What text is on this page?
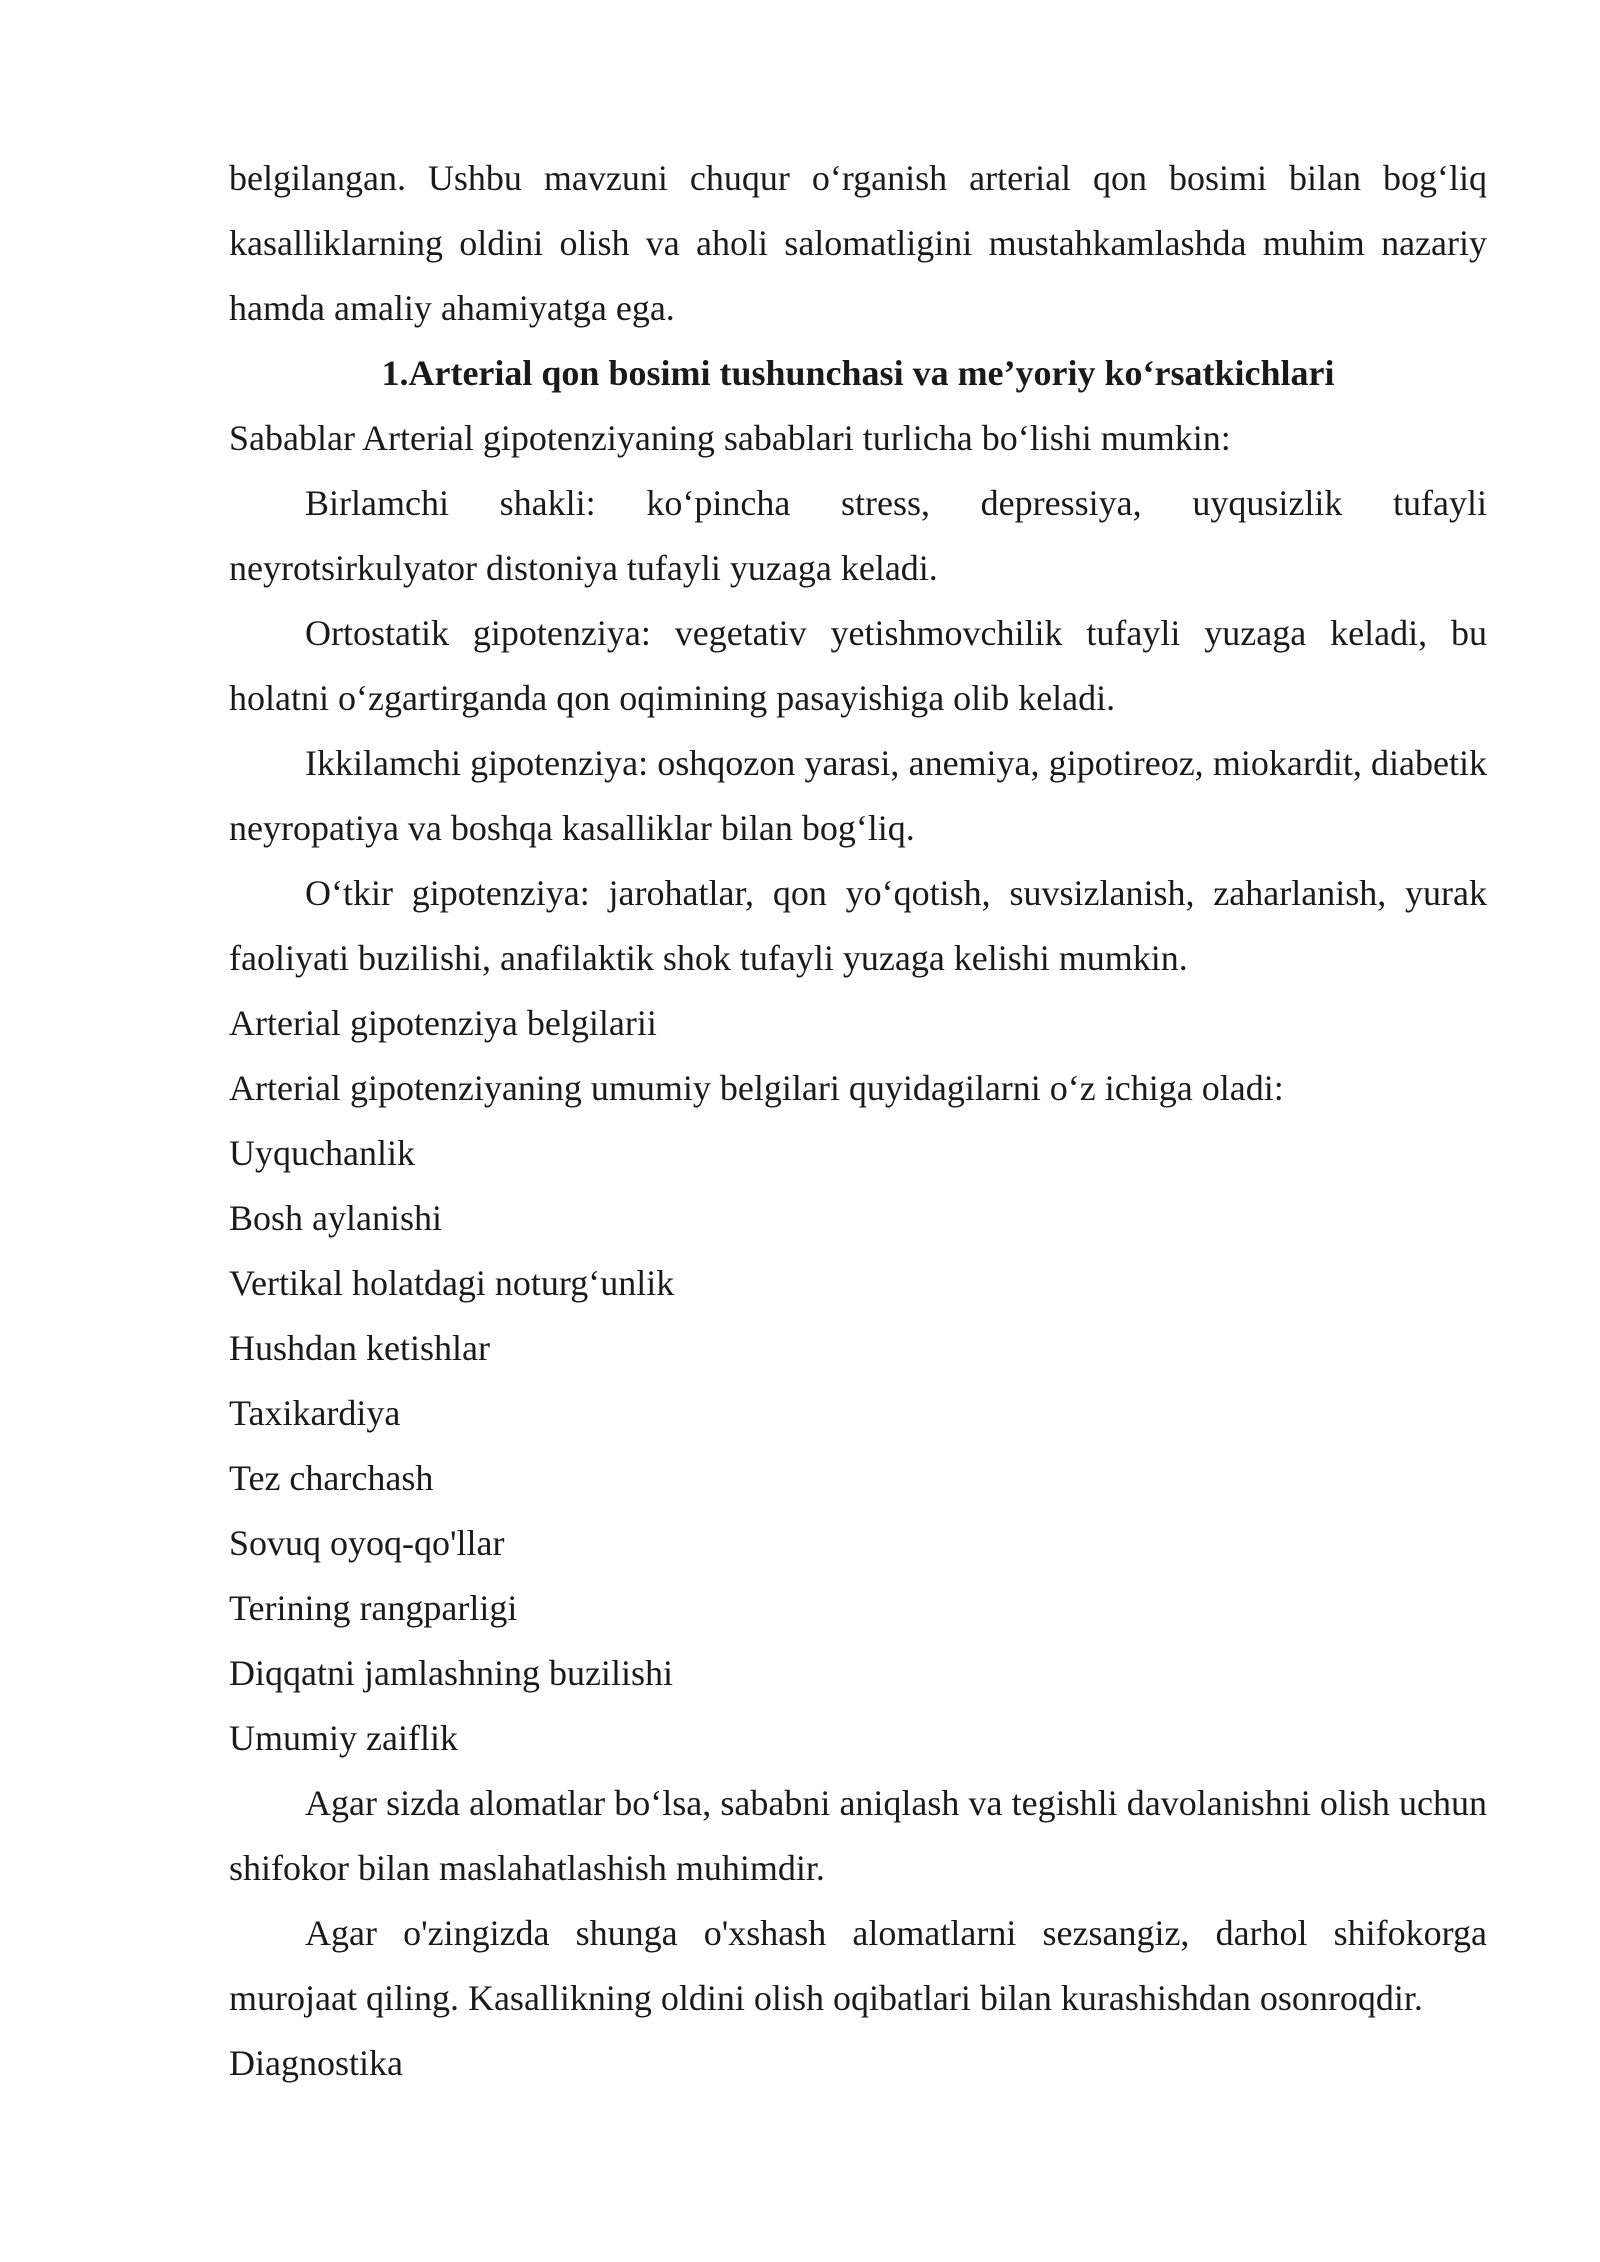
belgilangan. Ushbu mavzuni chuqur o‘rganish arterial qon bosimi bilan bog‘liq kasalliklarning oldini olish va aholi salomatligini mustahkamlashda muhim nazariy hamda amaliy ahamiyatga ega.

1.Arterial qon bosimi tushunchasi va me’yoriy ko‘rsatkichlari

Sabablar Arterial gipotenziyaning sabablari turlicha bo‘lishi mumkin:

Birlamchi shakli: ko‘pincha stress, depressiya, uyqusizlik tufayli neyrotsirkulyator distoniya tufayli yuzaga keladi.

Ortostatik gipotenziya: vegetativ yetishmovchilik tufayli yuzaga keladi, bu holatni o‘zgartirganda qon oqimining pasayishiga olib keladi.

Ikkilamchi gipotenziya: oshqozon yarasi, anemiya, gipotireoz, miokardit, diabetik neyropatiya va boshqa kasalliklar bilan bog‘liq.

O‘tkir gipotenziya: jarohatlar, qon yo‘qotish, suvsizlanish, zaharlanish, yurak faoliyati buzilishi, anafilaktik shok tufayli yuzaga kelishi mumkin.

Arterial gipotenziya belgilarii

Arterial gipotenziyaning umumiy belgilari quyidagilarni o‘z ichiga oladi:

Uyquchanlik

Bosh aylanishi

Vertikal holatdagi noturg‘unlik

Hushdan ketishlar

Taxikardiya

Tez charchash

Sovuq oyoq-qo'llar

Terining rangparligi

Diqqatni jamlashning buzilishi

Umumiy zaiflik

Agar sizda alomatlar bo‘lsa, sababni aniqlash va tegishli davolanishni olish uchun shifokor bilan maslahatlashish muhimdir.

Agar o'zingizda shunga o'xshash alomatlarni sezsangiz, darhol shifokorga murojaat qiling. Kasallikning oldini olish oqibatlari bilan kurashishdan osonroqdir.

Diagnostika
